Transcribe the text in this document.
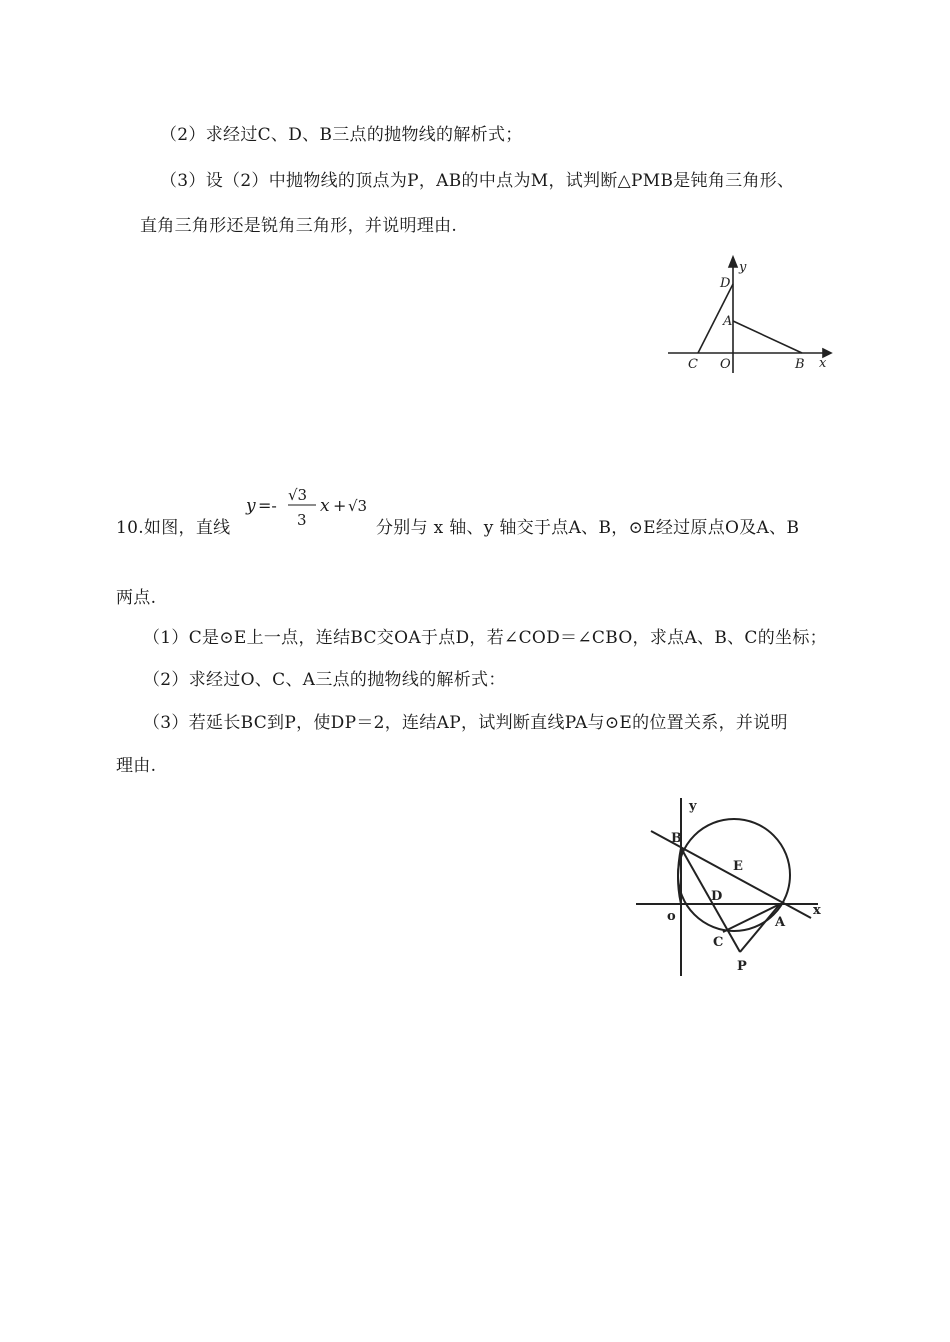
（2）求经过C、D、B三点的抛物线的解析式；
（3）设（2）中抛物线的顶点为P，AB的中点为M，试判断△PMB是钝角三角形、
直角三角形还是锐角三角形，并说明理由.
y
D
A
C O	B x
10.如图，直线
y =-
√3
3
x + √3
分别与 x 轴、y 轴交于点A、B，⊙E经过原点O及A、B
两点.
（1）C是⊙E上一点，连结BC交OA于点D，若∠COD＝∠CBO，求点A、B、C的坐标；
（2）求经过O、C、A三点的抛物线的解析式：
（3）若延长BC到P，使DP＝2，连结AP，试判断直线PA与⊙E的位置关系，并说明
理由.
y
B
E
D
x
o	A
C
P
